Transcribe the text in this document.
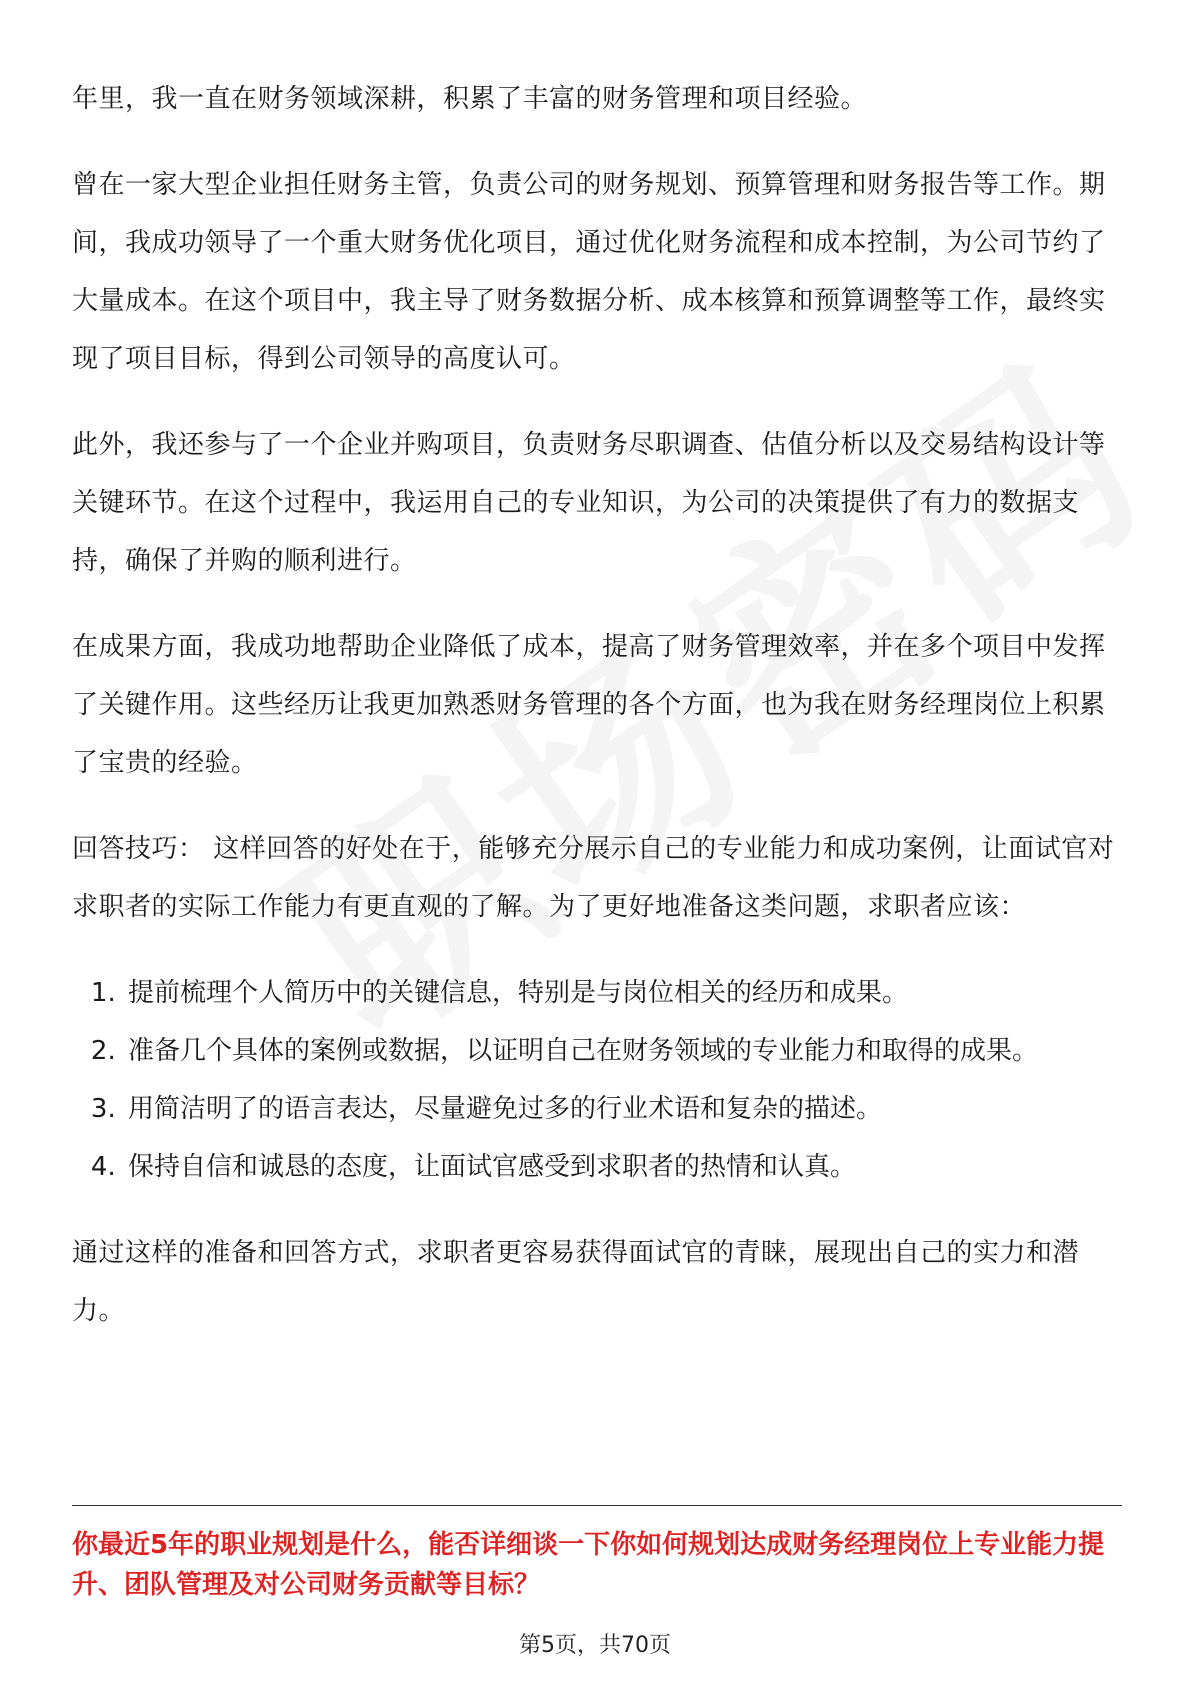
年里，我一直在财务领域深耕，积累了丰富的财务管理和项目经验。

曾在一家大型企业担任财务主管，负责公司的财务规划、预算管理和财务报告等工作。期间，我成功领导了一个重大财务优化项目，通过优化财务流程和成本控制，为公司节约了大量成本。在这个项目中，我主导了财务数据分析、成本核算和预算调整等工作，最终实现了项目目标，得到公司领导的高度认可。

此外，我还参与了一个企业并购项目，负责财务尽职调查、估值分析以及交易结构设计等关键环节。在这个过程中，我运用自己的专业知识，为公司的决策提供了有力的数据支持，确保了并购的顺利进行。

在成果方面，我成功地帮助企业降低了成本，提高了财务管理效率，并在多个项目中发挥了关键作用。这些经历让我更加熟悉财务管理的各个方面，也为我在财务经理岗位上积累了宝贵的经验。

回答技巧： 这样回答的好处在于，能够充分展示自己的专业能力和成功案例，让面试官对求职者的实际工作能力有更直观的了解。为了更好地准备这类问题，求职者应该：

1. 提前梳理个人简历中的关键信息，特别是与岗位相关的经历和成果。
2. 准备几个具体的案例或数据，以证明自己在财务领域的专业能力和取得的成果。
3. 用简洁明了的语言表达，尽量避免过多的行业术语和复杂的描述。
4. 保持自信和诚恳的态度，让面试官感受到求职者的热情和认真。

通过这样的准备和回答方式，求职者更容易获得面试官的青睐，展现出自己的实力和潜力。

你最近5年的职业规划是什么，能否详细谈一下你如何规划达成财务经理岗位上专业能力提升、团队管理及对公司财务贡献等目标？

第5页，共70页
